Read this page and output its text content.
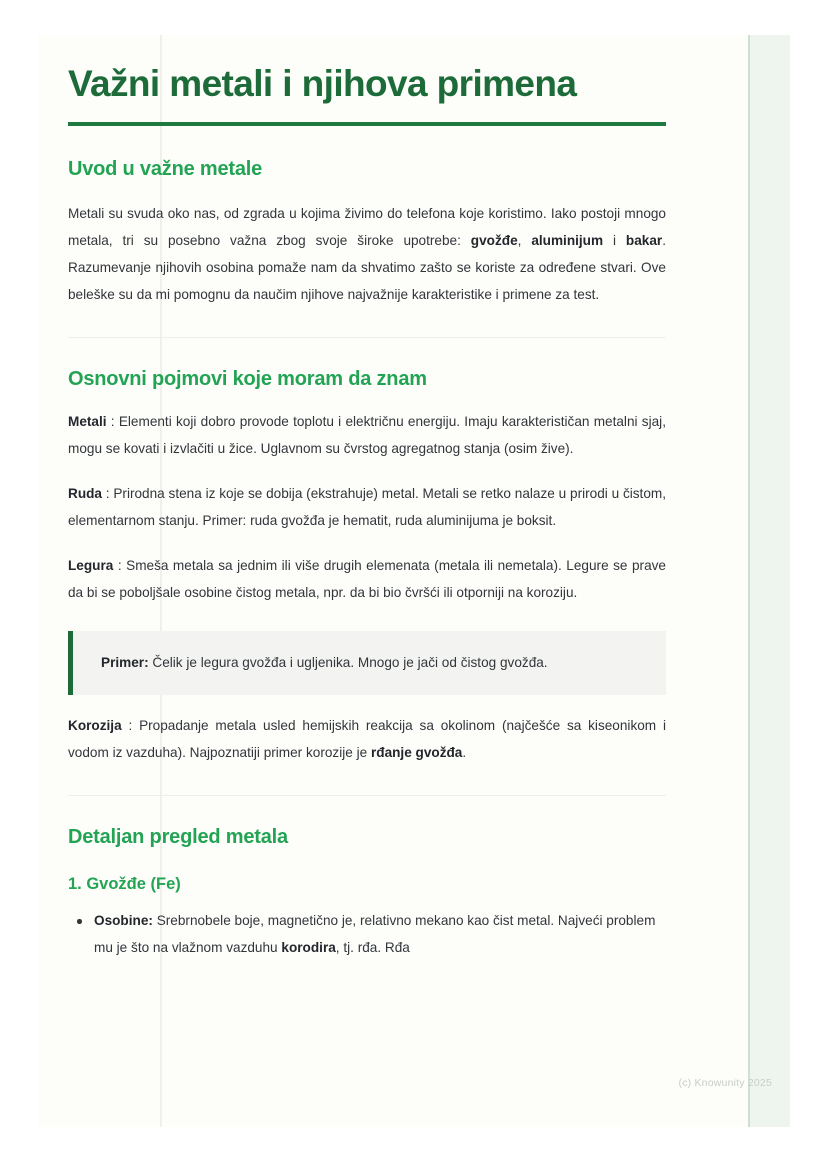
Važni metali i njihova primena
Uvod u važne metale

Metali su svuda oko nas, od zgrada u kojima živimo do telefona koje koristimo. Iako postoji mnogo metala, tri su posebno važna zbog svoje široke upotrebe: gvožđe, aluminijum i bakar. Razumevanje njihovih osobina pomaže nam da shvatimo zašto se koriste za određene stvari. Ove beleške su da mi pomognu da naučim njihove najvažnije karakteristike i primene za test.

Osnovni pojmovi koje moram da znam

Metali : Elementi koji dobro provode toplotu i električnu energiju. Imaju karakterističan metalni sjaj, mogu se kovati i izvlačiti u žice. Uglavnom su čvrstog agregatnog stanja (osim žive).

Ruda : Prirodna stena iz koje se dobija (ekstrahuje) metal. Metali se retko nalaze u prirodi u čistom, elementarnom stanju. Primer: ruda gvožđa je hematit, ruda aluminijuma je boksit.

Legura : Smeša metala sa jednim ili više drugih elemenata (metala ili nemetala). Legure se prave da bi se poboljšale osobine čistog metala, npr. da bi bio čvršći ili otporniji na koroziju.

Primer: Čelik je legura gvožđa i ugljenika. Mnogo je jači od čistog gvožđa.

Korozija : Propadanje metala usled hemijskih reakcija sa okolinom (najčešće sa kiseonikom i vodom iz vazduha). Najpoznatiji primer korozije je rđanje gvožđa.

Detaljan pregled metala
1. Gvožđe (Fe)
Osobine: Srebrnobele boje, magnetično je, relativno mekano kao čist metal. Najveći problem mu je što na vlažnom vazduhu korodira, tj. rđa. Rđa
(c) Knowunity 2025
